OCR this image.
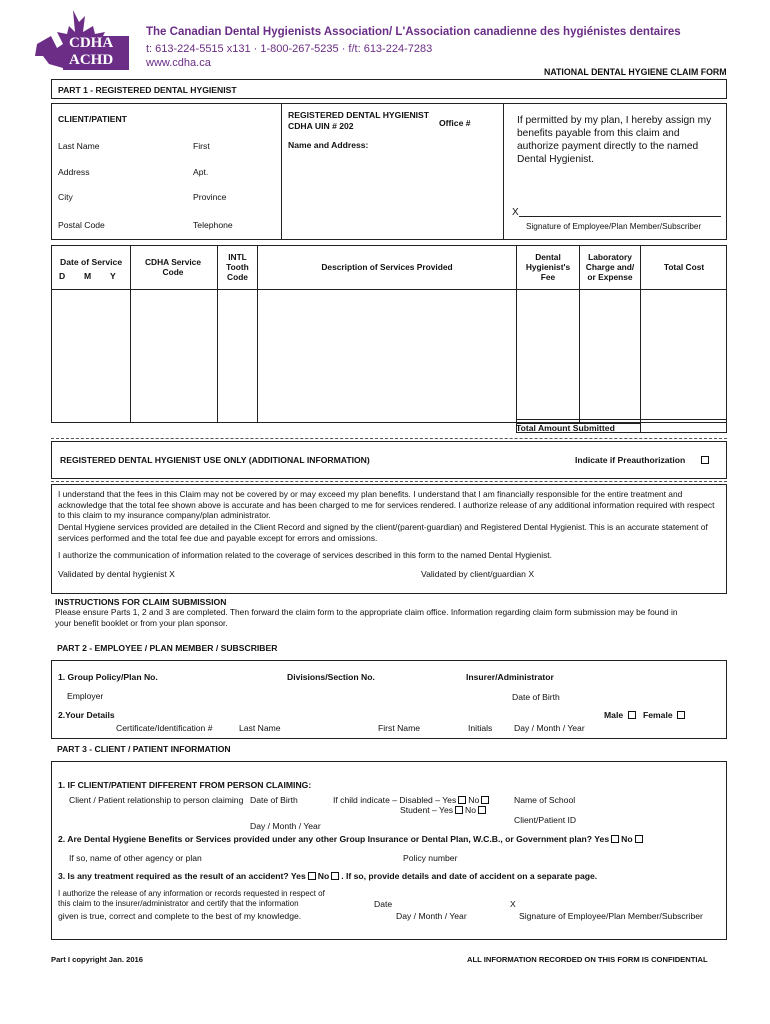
CDHA
ACHD
The Canadian Dental Hygienists Association/ L'Association canadienne des hygiénistes dentaires
t: 613-224-5515 x131 · 1-800-267-5235 · f/t: 613-224-7283
www.cdha.ca
NATIONAL DENTAL HYGIENE CLAIM FORM
PART 1 - REGISTERED DENTAL HYGIENIST
CLIENT/PATIENT
Last Name	First
Address	Apt.
City	Province
Postal Code	Telephone
REGISTERED DENTAL HYGIENIST
CDHA UIN # 202	Office #
Name and Address:
If permitted by my plan, I hereby assign my benefits payable from this claim and authorize payment directly to the named Dental Hygienist.
X
Signature of Employee/Plan Member/Subscriber
Date of Service
D M Y
CDHA Service Code
INTL Tooth Code
Description of Services Provided
Dental Hygienist's Fee
Laboratory Charge and/ or Expense
Total Cost
Total Amount Submitted
REGISTERED DENTAL HYGIENIST USE ONLY (ADDITIONAL INFORMATION)	Indicate if Preauthorization
I understand that the fees in this Claim may not be covered by or may exceed my plan benefits. I understand that I am financially responsible for the entire treatment and acknowledge that the total fee shown above is accurate and has been charged to me for services rendered. I authorize release of any additional information required with respect to this claim to my insurance company/plan administrator.
Dental Hygiene services provided are detailed in the Client Record and signed by the client/(parent-guardian) and Registered Dental Hygienist. This is an accurate statement of services performed and the total fee due and payable except for errors and omissions.
I authorize the communication of information related to the coverage of services described in this form to the named Dental Hygienist.
Validated by dental hygienist X	Validated by client/guardian X
INSTRUCTIONS FOR CLAIM SUBMISSION
Please ensure Parts 1, 2 and 3 are completed. Then forward the claim form to the appropriate claim office. Information regarding claim form submission may be found in your benefit booklet or from your plan sponsor.
PART 2 - EMPLOYEE / PLAN MEMBER / SUBSCRIBER
1. Group Policy/Plan No.	Divisions/Section No.	Insurer/Administrator
Employer	Date of Birth
2.Your Details	Male	Female
Certificate/Identification #	Last Name	First Name	Initials	Day / Month / Year
PART 3 - CLIENT / PATIENT INFORMATION
1. IF CLIENT/PATIENT DIFFERENT FROM PERSON CLAIMING:
Client / Patient relationship to person claiming Date of Birth	If child indicate – Disabled – Yes No
Student – Yes No
Name of School
Client/Patient ID
Day / Month / Year
2. Are Dental Hygiene Benefits or Services provided under any other Group Insurance or Dental Plan, W.C.B., or Government plan? Yes No
If so, name of other agency or plan	Policy number
3. Is any treatment required as the result of an accident? Yes No . If so, provide details and date of accident on a separate page.
I authorize the release of any information or records requested in respect of this claim to the insurer/administrator and certify that the information
given is true, correct and complete to the best of my knowledge.
Date
Day / Month / Year
X
Signature of Employee/Plan Member/Subscriber
Part I copyright Jan. 2016	ALL INFORMATION RECORDED ON THIS FORM IS CONFIDENTIAL
